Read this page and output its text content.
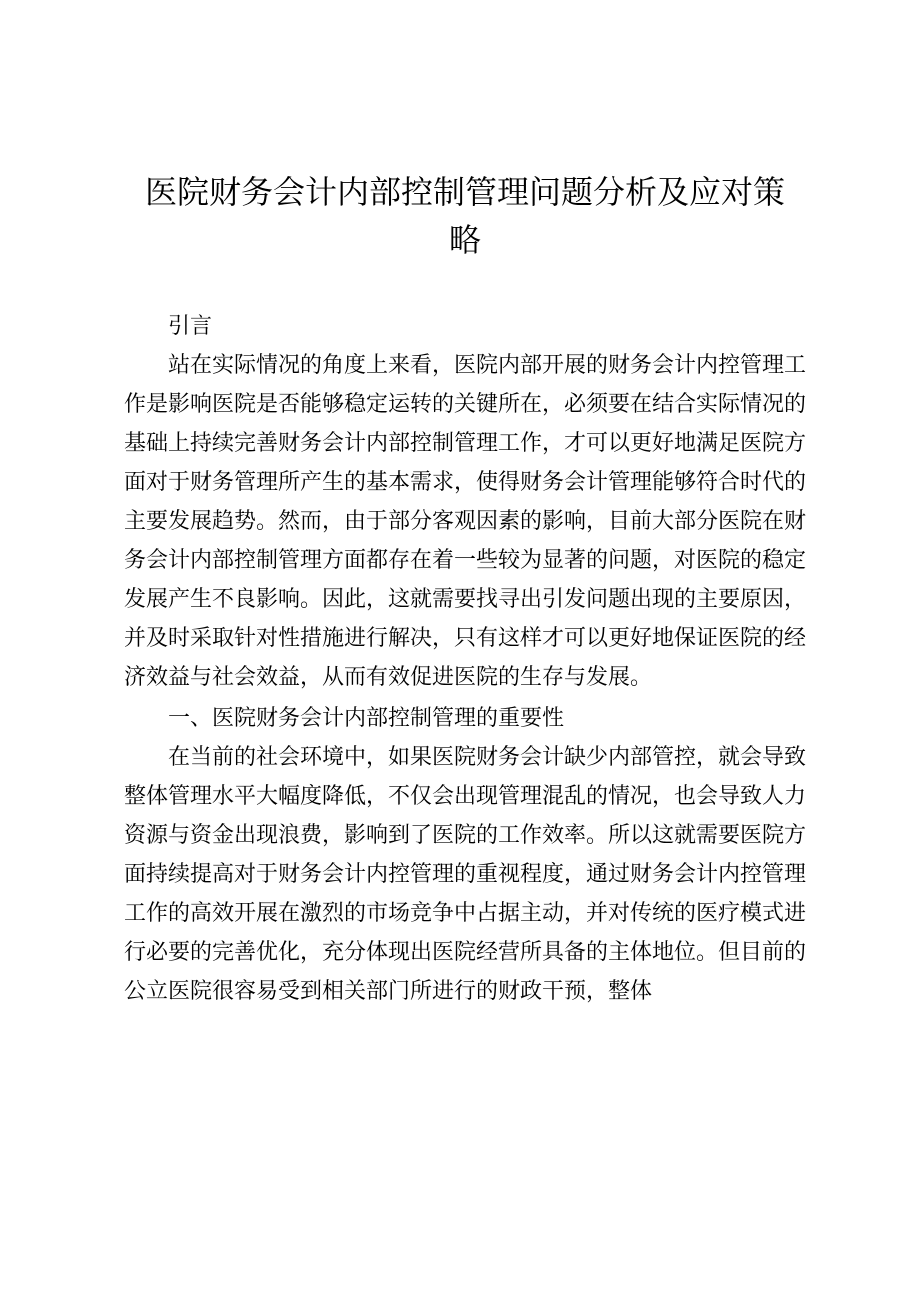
医院财务会计内部控制管理问题分析及应对策略

引言

站在实际情况的角度上来看，医院内部开展的财务会计内控管理工作是影响医院是否能够稳定运转的关键所在，必须要在结合实际情况的基础上持续完善财务会计内部控制管理工作，才可以更好地满足医院方面对于财务管理所产生的基本需求，使得财务会计管理能够符合时代的主要发展趋势。然而，由于部分客观因素的影响，目前大部分医院在财务会计内部控制管理方面都存在着一些较为显著的问题，对医院的稳定发展产生不良影响。因此，这就需要找寻出引发问题出现的主要原因，并及时采取针对性措施进行解决，只有这样才可以更好地保证医院的经济效益与社会效益，从而有效促进医院的生存与发展。

一、医院财务会计内部控制管理的重要性

在当前的社会环境中，如果医院财务会计缺少内部管控，就会导致整体管理水平大幅度降低，不仅会出现管理混乱的情况，也会导致人力资源与资金出现浪费，影响到了医院的工作效率。所以这就需要医院方面持续提高对于财务会计内控管理的重视程度，通过财务会计内控管理工作的高效开展在激烈的市场竞争中占据主动，并对传统的医疗模式进行必要的完善优化，充分体现出医院经营所具备的主体地位。但目前的公立医院很容易受到相关部门所进行的财政干预，整体
